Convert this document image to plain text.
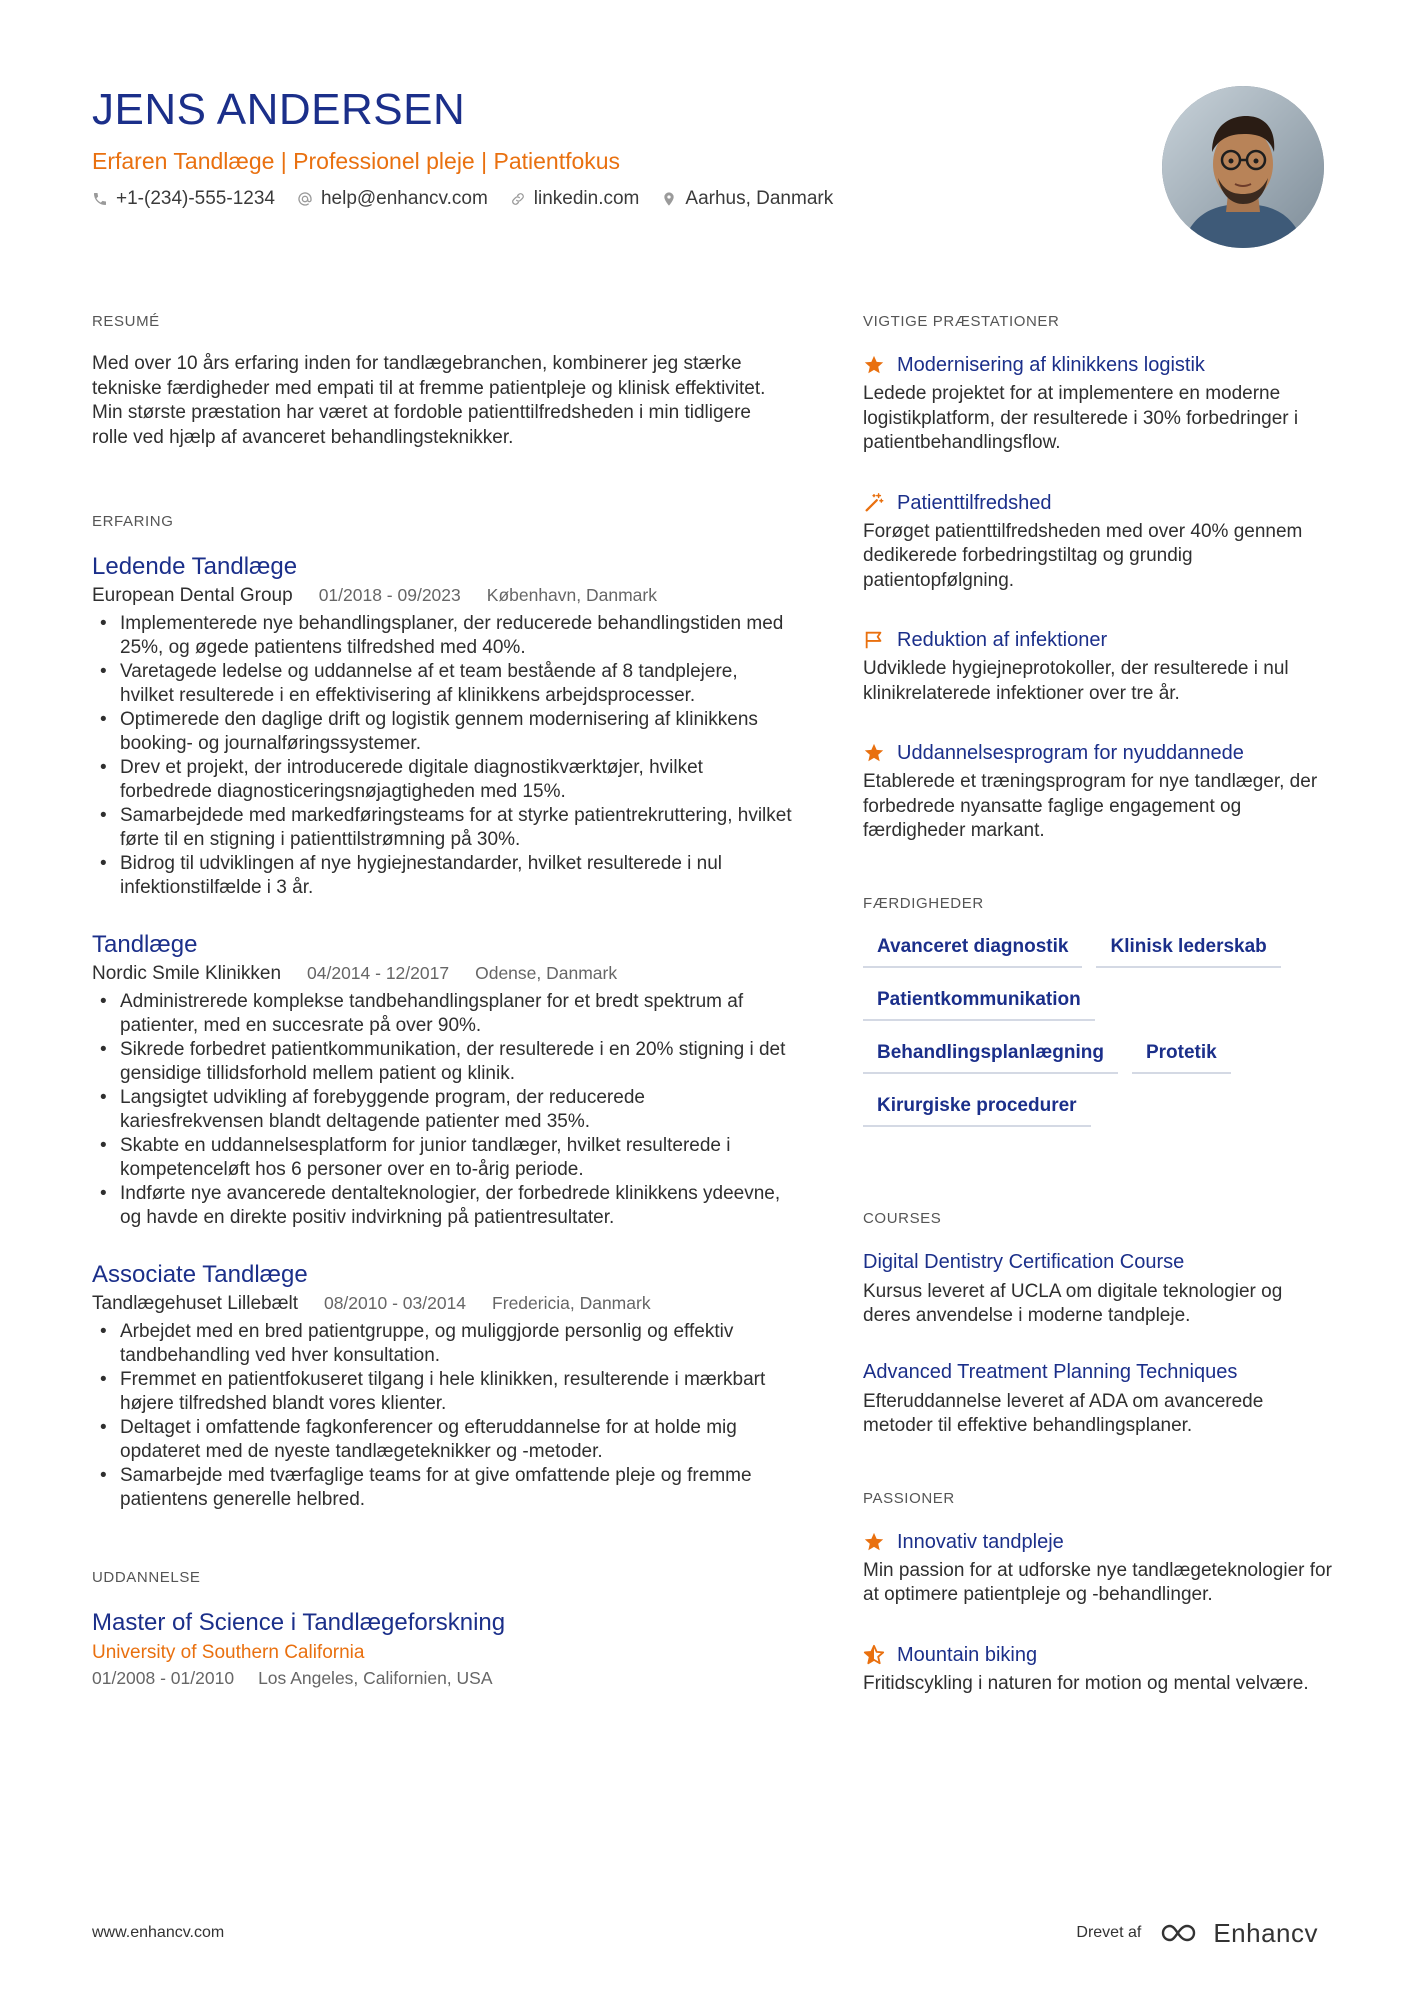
JENS ANDERSEN
Erfaren Tandlæge | Professionel pleje | Patientfokus
+1-(234)-555-1234 help@enhancv.com linkedin.com Aarhus, Danmark
RESUMÉ

Med over 10 års erfaring inden for tandlægebranchen, kombinerer jeg stærke tekniske færdigheder med empati til at fremme patientpleje og klinisk effektivitet. Min største præstation har været at fordoble patienttilfredsheden i min tidligere rolle ved hjælp af avanceret behandlingsteknikker.

ERFARING
Ledende Tandlæge
European Dental Group 01/2018 - 09/2023 København, Danmark
• Implementerede nye behandlingsplaner, der reducerede behandlingstiden med 25%, og øgede patientens tilfredshed med 40%.
• Varetagede ledelse og uddannelse af et team bestående af 8 tandplejere, hvilket resulterede i en effektivisering af klinikkens arbejdsprocesser.
• Optimerede den daglige drift og logistik gennem modernisering af klinikkens booking- og journalføringssystemer.
• Drev et projekt, der introducerede digitale diagnostikværktøjer, hvilket forbedrede diagnosticeringsnøjagtigheden med 15%.
• Samarbejdede med markedføringsteams for at styrke patientrekruttering, hvilket førte til en stigning i patienttilstrømning på 30%.
• Bidrog til udviklingen af nye hygiejnestandarder, hvilket resulterede i nul infektionstilfælde i 3 år.
Tandlæge
Nordic Smile Klinikken 04/2014 - 12/2017 Odense, Danmark
• Administrerede komplekse tandbehandlingsplaner for et bredt spektrum af patienter, med en succesrate på over 90%.
• Sikrede forbedret patientkommunikation, der resulterede i en 20% stigning i det gensidige tillidsforhold mellem patient og klinik.
• Langsigtet udvikling af forebyggende program, der reducerede kariesfrekvensen blandt deltagende patienter med 35%.
• Skabte en uddannelsesplatform for junior tandlæger, hvilket resulterede i kompetenceløft hos 6 personer over en to-årig periode.
• Indførte nye avancerede dentalteknologier, der forbedrede klinikkens ydeevne, og havde en direkte positiv indvirkning på patientresultater.
Associate Tandlæge
Tandlægehuset Lillebælt 08/2010 - 03/2014 Fredericia, Danmark
• Arbejdet med en bred patientgruppe, og muliggjorde personlig og effektiv tandbehandling ved hver konsultation.
• Fremmet en patientfokuseret tilgang i hele klinikken, resulterende i mærkbart højere tilfredshed blandt vores klienter.
• Deltaget i omfattende fagkonferencer og efteruddannelse for at holde mig opdateret med de nyeste tandlægeteknikker og -metoder.
• Samarbejde med tværfaglige teams for at give omfattende pleje og fremme patientens generelle helbred.
UDDANNELSE
Master of Science i Tandlægeforskning
University of Southern California
01/2008 - 01/2010 Los Angeles, Californien, USA
VIGTIGE PRÆSTATIONER
Modernisering af klinikkens logistik

Ledede projektet for at implementere en moderne logistikplatform, der resulterede i 30% forbedringer i patientbehandlingsflow.

Patienttilfredshed

Forøget patienttilfredsheden med over 40% gennem dedikerede forbedringstiltag og grundig patientopfølgning.

Reduktion af infektioner

Udviklede hygiejneprotokoller, der resulterede i nul klinikrelaterede infektioner over tre år.

Uddannelsesprogram for nyuddannede

Etablerede et træningsprogram for nye tandlæger, der forbedrede nyansatte faglige engagement og færdigheder markant.

FÆRDIGHEDER
Avanceret diagnostik	Klinisk lederskab
Patientkommunikation
Behandlingsplanlægning	Protetik
Kirurgiske procedurer
COURSES
Digital Dentistry Certification Course

Kursus leveret af UCLA om digitale teknologier og deres anvendelse i moderne tandpleje.

Advanced Treatment Planning Techniques

Efteruddannelse leveret af ADA om avancerede metoder til effektive behandlingsplaner.

PASSIONER
Innovativ tandpleje

Min passion for at udforske nye tandlægeteknologier for at optimere patientpleje og -behandlinger.

Mountain biking

Fritidscykling i naturen for motion og mental velvære.

www.enhancv.com	Drevet af	Enhancv
